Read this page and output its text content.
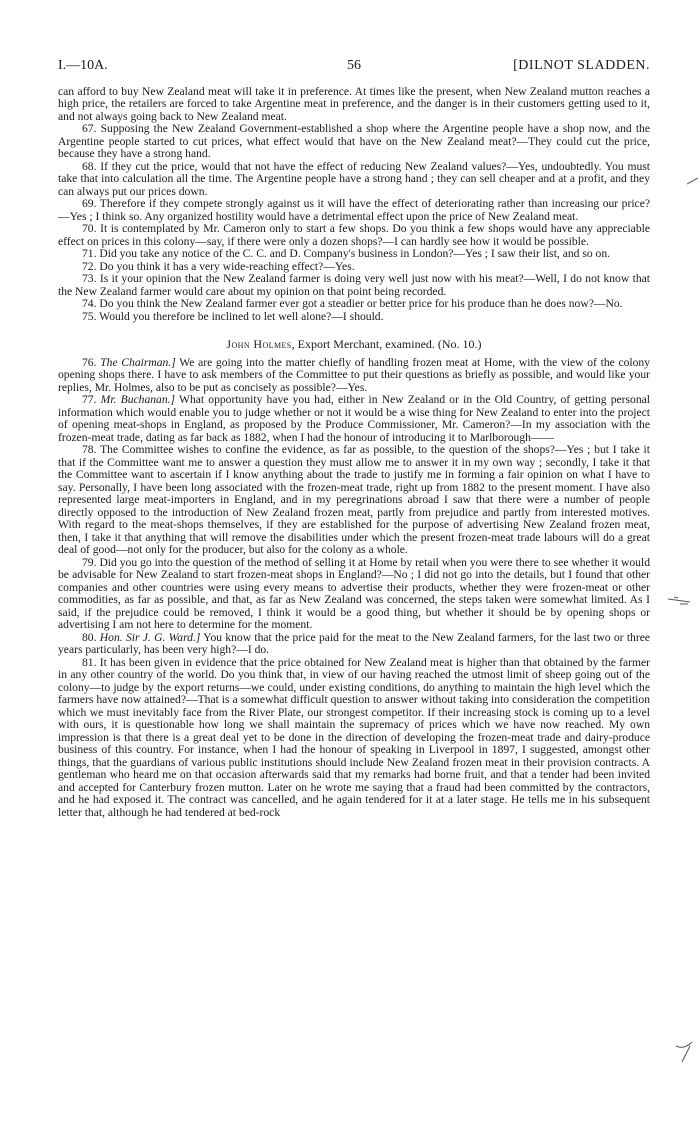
I.—10A.	56	[DILNOT SLADDEN.

can afford to buy New Zealand meat will take it in preference. At times like the present, when New Zealand mutton reaches a high price, the retailers are forced to take Argentine meat in preference, and the danger is in their customers getting used to it, and not always going back to New Zealand meat.

67. Supposing the New Zealand Government-established a shop where the Argentine people have a shop now, and the Argentine people started to cut prices, what effect would that have on the New Zealand meat?—They could cut the price, because they have a strong hand.

68. If they cut the price, would that not have the effect of reducing New Zealand values?—Yes, undoubtedly. You must take that into calculation all the time. The Argentine people have a strong hand ; they can sell cheaper and at a profit, and they can always put our prices down.

69. Therefore if they compete strongly against us it will have the effect of deteriorating rather than increasing our price?—Yes ; I think so. Any organized hostility would have a detrimental effect upon the price of New Zealand meat.

70. It is contemplated by Mr. Cameron only to start a few shops. Do you think a few shops would have any appreciable effect on prices in this colony—say, if there were only a dozen shops?—I can hardly see how it would be possible.

71. Did you take any notice of the C. C. and D. Company's business in London?—Yes ; I saw their list, and so on.

72. Do you think it has a very wide-reaching effect?—Yes.

73. Is it your opinion that the New Zealand farmer is doing very well just now with his meat?—Well, I do not know that the New Zealand farmer would care about my opinion on that point being recorded.

74. Do you think the New Zealand farmer ever got a steadier or better price for his produce than he does now?—No.

75. Would you therefore be inclined to let well alone?—I should.

John Holmes, Export Merchant, examined. (No. 10.)

76. The Chairman.] We are going into the matter chiefly of handling frozen meat at Home, with the view of the colony opening shops there. I have to ask members of the Committee to put their questions as briefly as possible, and would like your replies, Mr. Holmes, also to be put as concisely as possible?—Yes.

77. Mr. Buchanan.] What opportunity have you had, either in New Zealand or in the Old Country, of getting personal information which would enable you to judge whether or not it would be a wise thing for New Zealand to enter into the project of opening meat-shops in England, as proposed by the Produce Commissioner, Mr. Cameron?—In my association with the frozen-meat trade, dating as far back as 1882, when I had the honour of introducing it to Marlborough——

78. The Committee wishes to confine the evidence, as far as possible, to the question of the shops?—Yes ; but I take it that if the Committee want me to answer a question they must allow me to answer it in my own way ; secondly, I take it that the Committee want to ascertain if I know anything about the trade to justify me in forming a fair opinion on what I have to say. Personally, I have been long associated with the frozen-meat trade, right up from 1882 to the present moment. I have also represented large meat-importers in England, and in my peregrinations abroad I saw that there were a number of people directly opposed to the introduction of New Zealand frozen meat, partly from prejudice and partly from interested motives. With regard to the meat-shops themselves, if they are established for the purpose of advertising New Zealand frozen meat, then, I take it that anything that will remove the disabilities under which the present frozen-meat trade labours will do a great deal of good—not only for the producer, but also for the colony as a whole.

79. Did you go into the question of the method of selling it at Home by retail when you were there to see whether it would be advisable for New Zealand to start frozen-meat shops in England?—No ; I did not go into the details, but I found that other companies and other countries were using every means to advertise their products, whether they were frozen-meat or other commodities, as far as possible, and that, as far as New Zealand was concerned, the steps taken were somewhat limited. As I said, if the prejudice could be removed, I think it would be a good thing, but whether it should be by opening shops or advertising I am not here to determine for the moment.

80. Hon. Sir J. G. Ward.] You know that the price paid for the meat to the New Zealand farmers, for the last two or three years particularly, has been very high?—I do.

81. It has been given in evidence that the price obtained for New Zealand meat is higher than that obtained by the farmer in any other country of the world. Do you think that, in view of our having reached the utmost limit of sheep going out of the colony—to judge by the export returns—we could, under existing conditions, do anything to maintain the high level which the farmers have now attained?—That is a somewhat difficult question to answer without taking into consideration the competition which we must inevitably face from the River Plate, our strongest competitor. If their increasing stock is coming up to a level with ours, it is questionable how long we shall maintain the supremacy of prices which we have now reached. My own impression is that there is a great deal yet to be done in the direction of developing the frozen-meat trade and dairy-produce business of this country. For instance, when I had the honour of speaking in Liverpool in 1897, I suggested, amongst other things, that the guardians of various public institutions should include New Zealand frozen meat in their provision contracts. A gentleman who heard me on that occasion afterwards said that my remarks had borne fruit, and that a tender had been invited and accepted for Canterbury frozen mutton. Later on he wrote me saying that a fraud had been committed by the contractors, and he had exposed it. The contract was cancelled, and he again tendered for it at a later stage. He tells me in his subsequent letter that, although he had tendered at bed-rock
